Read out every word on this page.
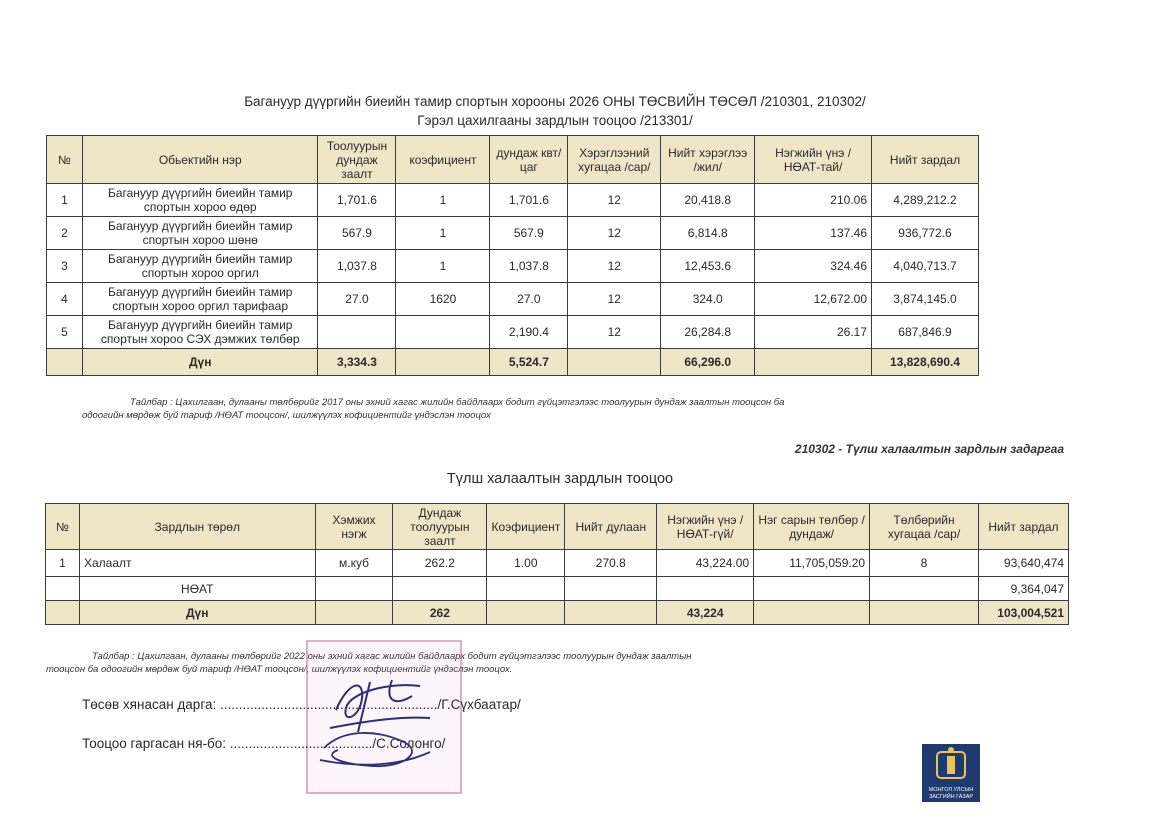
Багануур дүүргийн биеийн тамир спортын хорооны 2026 ОНЫ ТӨСВИЙН ТӨСӨЛ /210301, 210302/
Гэрэл цахилгааны зардлын тооцоо /213301/
№	Обьектийн нэр	Тоолуурын дундаж заалт	коэфициент	дундаж квт/цаг	Хэрэглээний хугацаа /сар/	Нийт хэрэглээ /жил/	Нэгжийн үнэ /НӨАТ-тай/	Нийт зардал
1	Багануур дүүргийн биеийн тамир спортын хороо өдөр	1,701.6	1	1,701.6	12	20,418.8	210.06	4,289,212.2
2	Багануур дүүргийн биеийн тамир спортын хороо шөнө	567.9	1	567.9	12	6,814.8	137.46	936,772.6
3	Багануур дүүргийн биеийн тамир спортын хороо оргил	1,037.8	1	1,037.8	12	12,453.6	324.46	4,040,713.7
4	Багануур дүүргийн биеийн тамир спортын хороо оргил тарифаар	27.0	1620	27.0	12	324.0	12,672.00	3,874,145.0
5	Багануур дүүргийн биеийн тамир спортын хороо СЭХ дэмжих төлбөр			2,190.4	12	26,284.8	26.17	687,846.9
	Дүн	3,334.3		5,524.7		66,296.0		13,828,690.4
Тайлбар : Цахилгаан, дулааны төлбөрийг 2017 оны эхний хагас жилийн байдлаарх бодит гүйцэтгэлээс тоолуурын дундаж заалтын тооцсон ба
одоогийн мөрдөж буй тариф /НӨАТ тооцсон/, шилжүүлэх кофициентийг үндэслэн тооцох
210302 - Түлш халаалтын зардлын задаргаа
Түлш халаалтын зардлын тооцоо
№	Зардлын төрөл	Хэмжих нэгж	Дундаж тоолуурын заалт	Коэфициент	Нийт дулаан	Нэгжийн үнэ /НӨАТ-гүй/	Нэг сарын төлбөр /дундаж/	Төлбөрийн хугацаа /сар/	Нийт зардал
1	Халаалт	м.куб	262.2	1.00	270.8	43,224.00	11,705,059.20	8	93,640,474
	НӨАТ								9,364,047
	Дүн		262			43,224			103,004,521
Тайлбар : Цахилгаан, дулааны төлбөрийг 2022 оны эхний хагас жилийн байдлаарх бодит гүйцэтгэлээс тоолуурын дундаж заалтын
тооцсон ба одоогийн мөрдөж буй тариф /НӨАТ тооцсон/, шилжүүлэх кофициентийг үндэслэн тооцох.
Төсөв хянасан дарга: ........................................................../Г.Сүхбаатар/
Тооцоо гаргасан ня-бо: ....................................../С.Солонго/
МОНГОЛ УЛСЫН ЗАСГИЙН ГАЗАР
